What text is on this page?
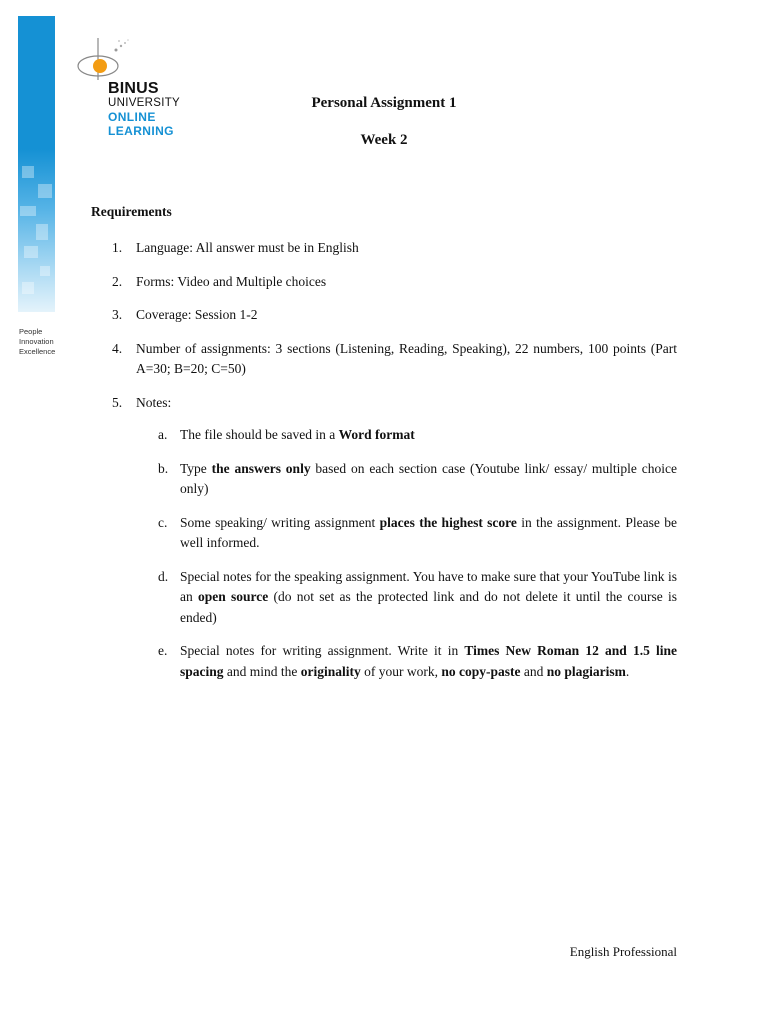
People
Innovation
Excellence
BINUS
UNIVERSITY
ONLINE
LEARNING
Personal Assignment 1
Week 2
Requirements
1. Language: All answer must be in English
2. Forms: Video and Multiple choices
3. Coverage: Session 1-2
4. Number of assignments: 3 sections (Listening, Reading, Speaking), 22 numbers, 100 points (Part A=30; B=20; C=50)
5. Notes:
a. The file should be saved in a Word format
b. Type the answers only based on each section case (Youtube link/ essay/ multiple choice only)
c. Some speaking/ writing assignment places the highest score in the assignment. Please be well informed.
d. Special notes for the speaking assignment. You have to make sure that your YouTube link is an open source (do not set as the protected link and do not delete it until the course is ended)
e. Special notes for writing assignment. Write it in Times New Roman 12 and 1.5 line spacing and mind the originality of your work, no copy-paste and no plagiarism.
English Professional
